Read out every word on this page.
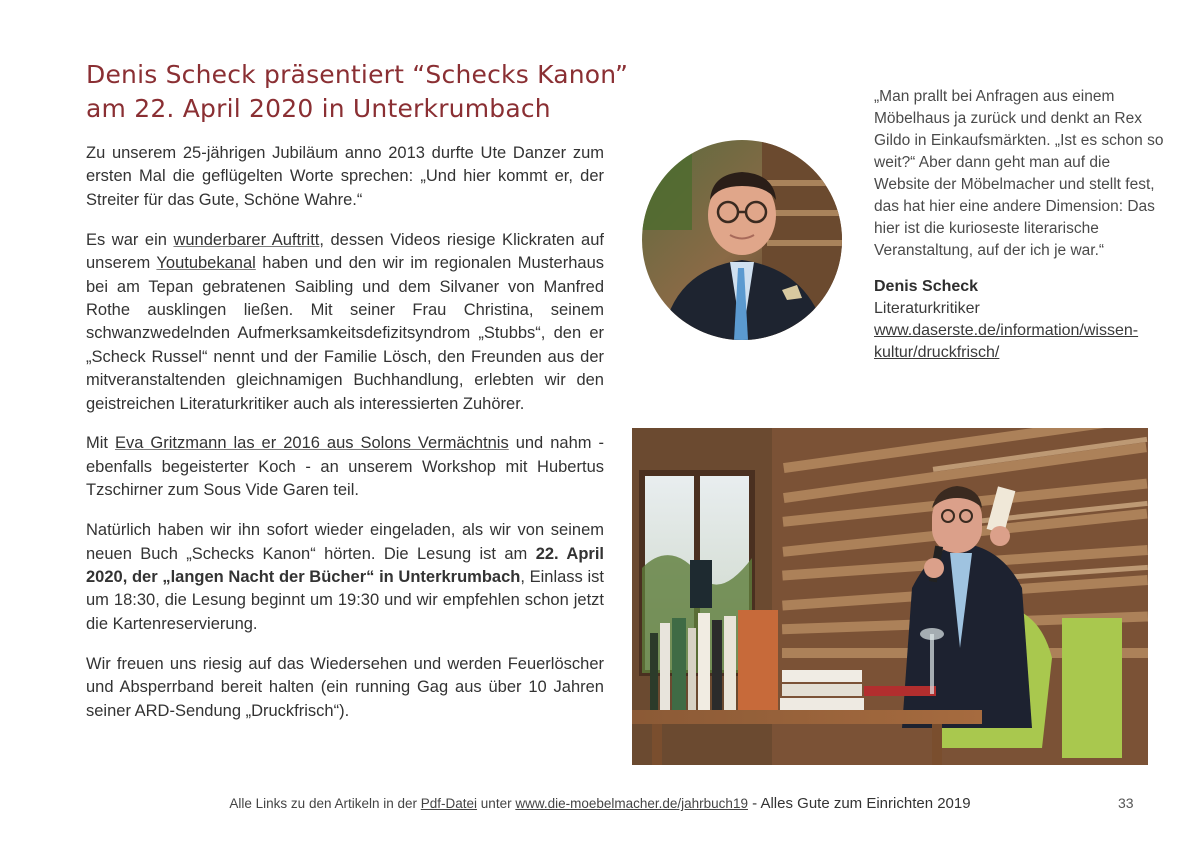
Denis Scheck präsentiert “Schecks Kanon”
am 22. April 2020 in Unterkrumbach

Zu unserem 25-jährigen Jubiläum anno 2013 durfte Ute Danzer zum ersten Mal die geflügelten Worte sprechen: „Und hier kommt er, der Streiter für das Gute, Schöne Wahre.“

Es war ein wunderbarer Auftritt, dessen Videos riesige Klickraten auf unserem Youtubekanal haben und den wir im regionalen Musterhaus bei am Tepan gebratenen Saibling und dem Silvaner von Manfred Rothe ausklingen ließen. Mit seiner Frau Christina, seinem schwanzwedelnden Aufmerksamkeitsdefizitsyndrom „Stubbs“, den er „Scheck Russel“ nennt und der Familie Lösch, den Freunden aus der mitveranstaltenden gleichnamigen Buchhandlung, erlebten wir den geistreichen Literaturkritiker auch als interessierten Zuhörer.

Mit Eva Gritzmann las er 2016 aus Solons Vermächtnis und nahm - ebenfalls begeisterter Koch - an unserem Workshop mit Hubertus Tzschirner zum Sous Vide Garen teil.

Natürlich haben wir ihn sofort wieder eingeladen, als wir von seinem neuen Buch „Schecks Kanon“ hörten. Die Lesung ist am 22. April 2020, der „langen Nacht der Bücher“ in Unterkrumbach, Einlass ist um 18:30, die Lesung beginnt um 19:30 und wir empfehlen schon jetzt die Kartenreservierung.

Wir freuen uns riesig auf das Wiedersehen und werden Feuerlöscher und Absperrband bereit halten (ein running Gag aus über 10 Jahren seiner ARD-Sendung „Druckfrisch“).

„Man prallt bei Anfragen aus einem Möbelhaus ja zurück und denkt an Rex Gildo in Einkaufsmärkten. „Ist es schon so weit?“ Aber dann geht man auf die Website der Möbelmacher und stellt fest, das hat hier eine andere Dimension: Das hier ist die kurioseste literarische Veranstaltung, auf der ich je war.“
Denis Scheck
Literaturkritiker
www.daserste.de/information/wissen-kultur/druckfrisch/
Alle Links zu den Artikeln in der Pdf-Datei unter www.die-moebelmacher.de/jahrbuch19 - Alles Gute zum Einrichten 2019	33
